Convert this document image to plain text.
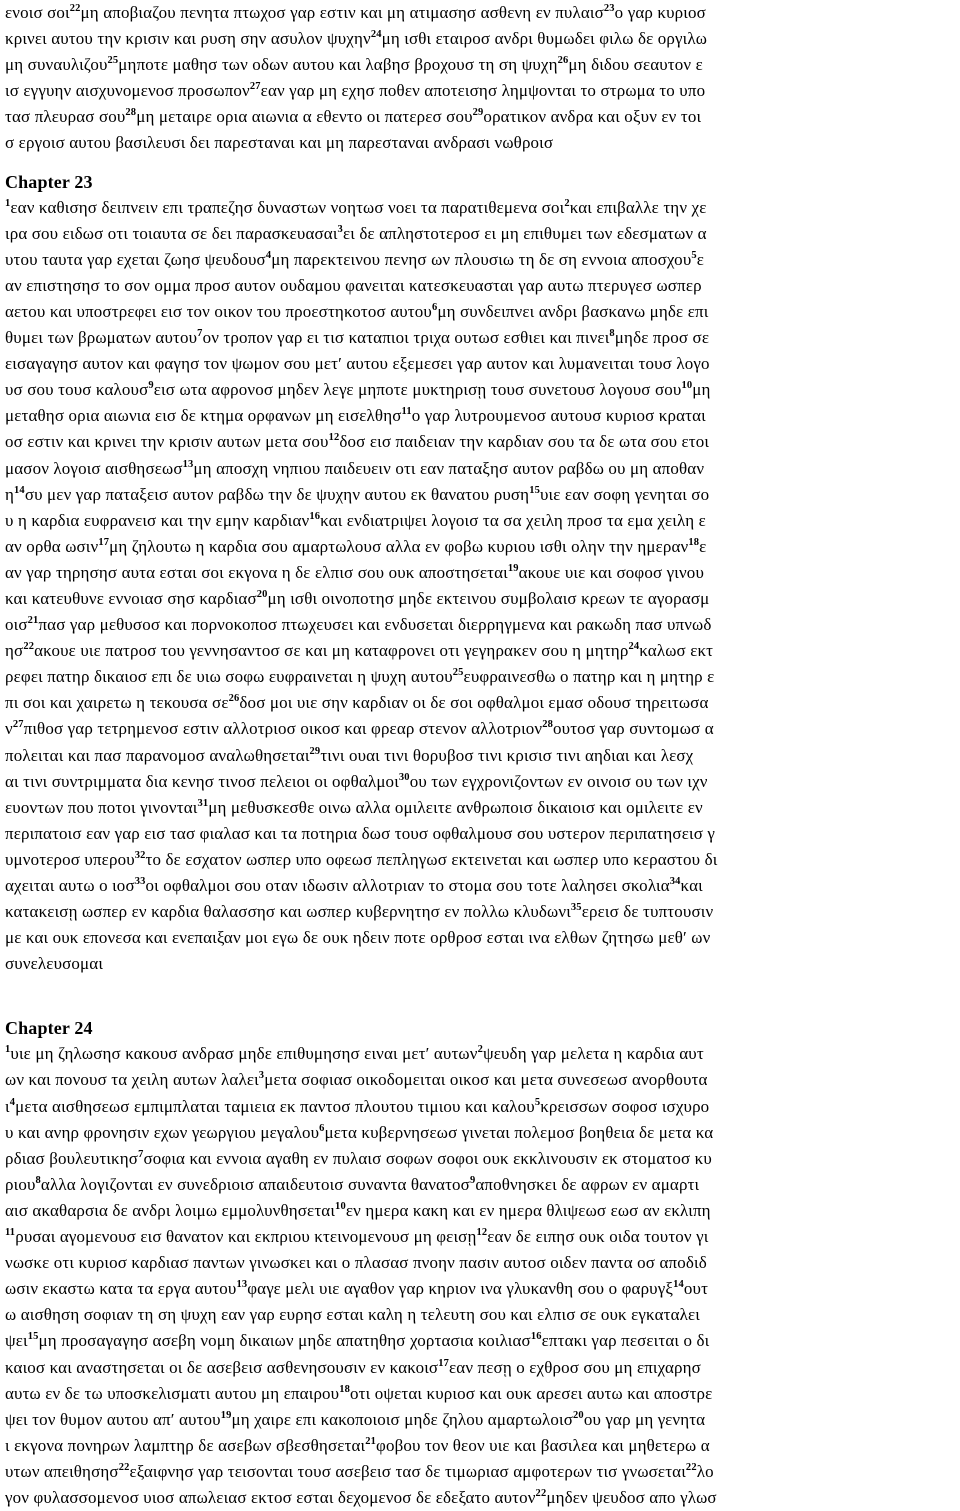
ενοισ σοι$^{22}$μη αποβιαζου πενητα πτωχοσ γαρ εστιν και μη ατιμασησ ασθενη εν πυλαισ$^{23}$ο γαρ κυριοσ
κρινει αυτου την κρισιν και ρυση σην ασυλον ψυχην$^{24}$μη ισθι εταιροσ ανδρι θυμωδει φιλω δε οργιλω
μη συναυλιζου$^{25}$μηποτε μαθησ των οδων αυτου και λαβησ βροχουσ τη ση ψυχη$^{26}$μη διδου σεαυτον ε
ισ εγγυην αισχυνομενοσ προσωπον$^{27}$εαν γαρ μη εχησ ποθεν αποτεισησ λημψονται το στρωμα το υπο
τασ πλευρασ σου$^{28}$μη μεταιρε ορια αιωνια α εθεντο οι πατερεσ σου$^{29}$ορατικον ανδρα και οξυν εν τοι
σ εργοισ αυτου βασιλευσι δει παρεσταναι και μη παρεσταναι ανδρασι νωθροισ
Chapter 23
$^1$εαν καθισησ δειπνειν επι τραπεζησ δυναστων νοητωσ νοει τα παρατιθεμενα σοι$^2$και επιβαλλε την χε
ιρα σου ειδωσ οτι τοιαυτα σε δει παρασκευασαι$^3$ει δε απληστοτεροσ ει μη επιθυμει των εδεσματων α
υτου ταυτα γαρ εχεται ζωησ ψευδουσ$^4$μη παρεκτεινου πενησ ων πλουσιω τη δε ση εννοια αποσχου$^5$ε
αν επιστησησ το σον ομμα προσ αυτον ουδαμου φανειται κατεσκευασται γαρ αυτω πτερυγεσ ωσπερ
αετου και υποστρεφει εισ τον οικον του προεστηκοτοσ αυτου$^6$μη συνδειπνει ανδρι βασκανω μηδε επι
θυμει των βρωματων αυτου$^7$ον τροπον γαρ ει τισ καταπιοι τριχα ουτωσ εσθιει και πινει$^8$μηδε προσ σε
εισαγαγησ αυτον και φαγησ τον ψωμον σου μετ′ αυτου εξεμεσει γαρ αυτον και λυμανειται τουσ λογο
υσ σου τουσ καλουσ$^9$εισ ωτα αφρονοσ μηδεν λεγε μηποτε μυκτηρισῃ τουσ συνετουσ λογουσ σου$^{10}$μη
μεταθησ ορια αιωνια εισ δε κτημα ορφανων μη εισελθησ$^{11}$ο γαρ λυτρουμενοσ αυτουσ κυριοσ κραται
οσ εστιν και κρινει την κρισιν αυτων μετα σου$^{12}$δοσ εισ παιδειαν την καρδιαν σου τα δε ωτα σου ετοι
μασον λογοισ αισθησεωσ$^{13}$μη αποσχη νηπιου παιδευειν οτι εαν παταξησ αυτον ραβδω ου μη αποθαν
$\eta^{14}\sigma\upsilon$ μεν γαρ παταξεισ αυτον ραβδω την δε ψυχην αυτου εκ θανατου ρυση$^{15}$υιε εαν σοφη γενηται σο
υ η καρδια ευφρανεισ και την εμην καρδιαν$^{16}$και ενδιατριψει λογοισ τα σα χειλη προσ τα εμα χειλη ε
αν ορθα ωσιν$^{17}$μη ζηλουτω η καρδια σου αμαρτωλουσ αλλα εν φοβω κυριου ισθι ολην την ημεραν$^{18}$ε
αν γαρ τηρησησ αυτα εσται σοι εκγονα η δε ελπισ σου ουκ αποστησεται$^{19}$ακουε υιε και σοφοσ γινου
και κατευθυνε εννοιασ σησ καρδιασ$^{20}$μη ισθι οινοποτησ μηδε εκτεινου συμβολαισ κρεων τε αγορασμ
οισ$^{21}$πασ γαρ μεθυσοσ και πορνοκοποσ πτωχευσει και ενδυσεται διερρηγμενα και ρακωδη πασ υπνωδ
$\eta\sigma^{22}\alpha\kappa o\upsilon\varepsilon$ υιε πατροσ του γεννησαντοσ σε και μη καταφρονει οτι γεγηρακεν σου η μητηρ$^{24}$καλωσ εκτ
ρεφει πατηρ δικαιοσ επι δε υιω σοφω ευφραινεται η ψυχη αυτου$^{25}$ευφραινεσθω ο πατηρ και η μητηρ ε
πι σοι και χαιρετω η τεκουσα $\sigma\varepsilon^{26}\delta o\sigma$ μοι υιε σην καρδιαν οι δε σοι οφθαλμοι εμασ οδουσ τηρειτωσα
$\nu^{27}\pi\iota\theta o\sigma$ γαρ τετρημενοσ εστιν αλλοτριοσ οικοσ και φρεαρ στενον αλλοτριον$^{28}$ουτοσ γαρ συντομωσ α
πολειται και πασ παρανομοσ αναλωθησεται$^{29}$τινι ουαι τινι θορυβοσ τινι κρισισ τινι αηδιαι και λεσχ
αι τινι συντριμματα δια κενησ τινοσ πελειοι οι οφθαλμοι$^{30}$ου των εγχρονιζοντων εν οινοισ ου των ιχν
ευοντων που ποτοι γινονται$^{31}$μη μεθυσκεσθε οινω αλλα ομιλειτε ανθρωποισ δικαιοισ και ομιλειτε εν
περιπατοισ εαν γαρ εισ τασ φιαλασ και τα ποτηρια δωσ τουσ οφθαλμουσ σου υστερον περιπατησεισ γ
υμνοτεροσ υπερου$^{32}$το δε εσχατον ωσπερ υπο οφεωσ πεπληγωσ εκτεινεται και ωσπερ υπο κεραστου δι
αχειται αυτω ο ιοσ$^{33}$οι οφθαλμοι σου οταν ιδωσιν αλλοτριαν το στομα σου τοτε λαλησει σκολια$^{34}$και
κατακεισῃ ωσπερ εν καρδια θαλασσησ και ωσπερ κυβερνητησ εν πολλω κλυδωνι$^{35}$ερεισ δε τυπτουσιν
με και ουκ επονεσα και ενεπαιξαν μοι εγω δε ουκ ηδειν ποτε ορθροσ εσται ινα ελθων ζητησω μεθ′ ων
συνελευσομαι
Chapter 24
$^1$υιε μη ζηλωσησ κακουσ ανδρασ μηδε επιθυμησησ ειναι μετ′ αυτων$^2$ψευδη γαρ μελετα η καρδια αυτ
ων και πονουσ τα χειλη αυτων λαλει$^3$μετα σοφιασ οικοδομειται οικοσ και μετα συνεσεωσ ανορθουτα
$\iota^4\mu\varepsilon\tau\alpha$ αισθησεωσ εμπιμπλαται ταμιεια εκ παντοσ πλουτου τιμιου και καλου$^5$κρεισσων σοφοσ ισχυρο
υ και ανηρ φρονησιν εχων γεωργιου μεγαλου$^6$μετα κυβερνησεωσ γινεται πολεμοσ βοηθεια δε μετα κα
ρδιασ βουλευτικησ$^7$σοφια και εννοια αγαθη εν πυλαισ σοφων σοφοι ουκ εκκλινουσιν εκ στοματοσ κυ
ριου$^8$αλλα λογιζονται εν συνεδριοισ απαιδευτοισ συναντα θανατοσ$^9$αποθνησκει δε αφρων εν αμαρτι
αισ ακαθαρσια δε ανδρι λοιμω εμμολυνθησεται$^{10}$εν ημερα κακη και εν ημερα θλιψεωσ εωσ αν εκλιπη
$^{11}$ρυσαι αγομενουσ εισ θανατον και εκπριου κτεινομενουσ μη φεισῃ$^{12}$εαν δε ειπησ ουκ οιδα τουτον γι
νωσκε οτι κυριοσ καρδιασ παντων γινωσκει και ο πλασασ πνοην πασιν αυτοσ οιδεν παντα οσ αποδιδ
ωσιν εκαστω κατα τα εργα αυτου$^{13}$φαγε μελι υιε αγαθον γαρ κηριον ινα γλυκανθη σου ο φαρυγξ$^{14}$ουτ
ω αισθηση σοφιαν τη ση ψυχη εαν γαρ ευρησ εσται καλη η τελευτη σου και ελπισ σε ουκ εγκαταλει
ψει$^{15}$μη προσαγαγησ ασεβη νομη δικαιων μηδε απατηθησ χορτασια κοιλιασ$^{16}$επτακι γαρ πεσειται ο δι
καιοσ και αναστησεται οι δε ασεβεισ ασθενησουσιν εν κακοισ$^{17}$εαν πεσῃ ο εχθροσ σου μη επιχαρησ
αυτω εν δε τω υποσκελισματι αυτου μη επαιρου$^{18}$οτι οψεται κυριοσ και ουκ αρεσει αυτω και αποστρε
ψει τον θυμον αυτου απ′ αυτου$^{19}$μη χαιρε επι κακοποιοισ μηδε ζηλου αμαρτωλοισ$^{20}$ου γαρ μη γενητα
ι εκγονα πονηρων λαμπτηρ δε ασεβων σβεσθησεται$^{21}$φοβου τον θεον υιε και βασιλεα και μηθετερω α
υτων απειθησησ$^{22}$εξαιφνησ γαρ τεισονται τουσ ασεβεισ τασ δε τιμωριασ αμφοτερων τισ γνωσεται$^{22}$λο
γον φυλασσομενοσ υιοσ απωλειασ εκτοσ εσται δεχομενοσ δε εδεξατο αυτον$^{22}$μηδεν ψευδοσ απο γλωσ
